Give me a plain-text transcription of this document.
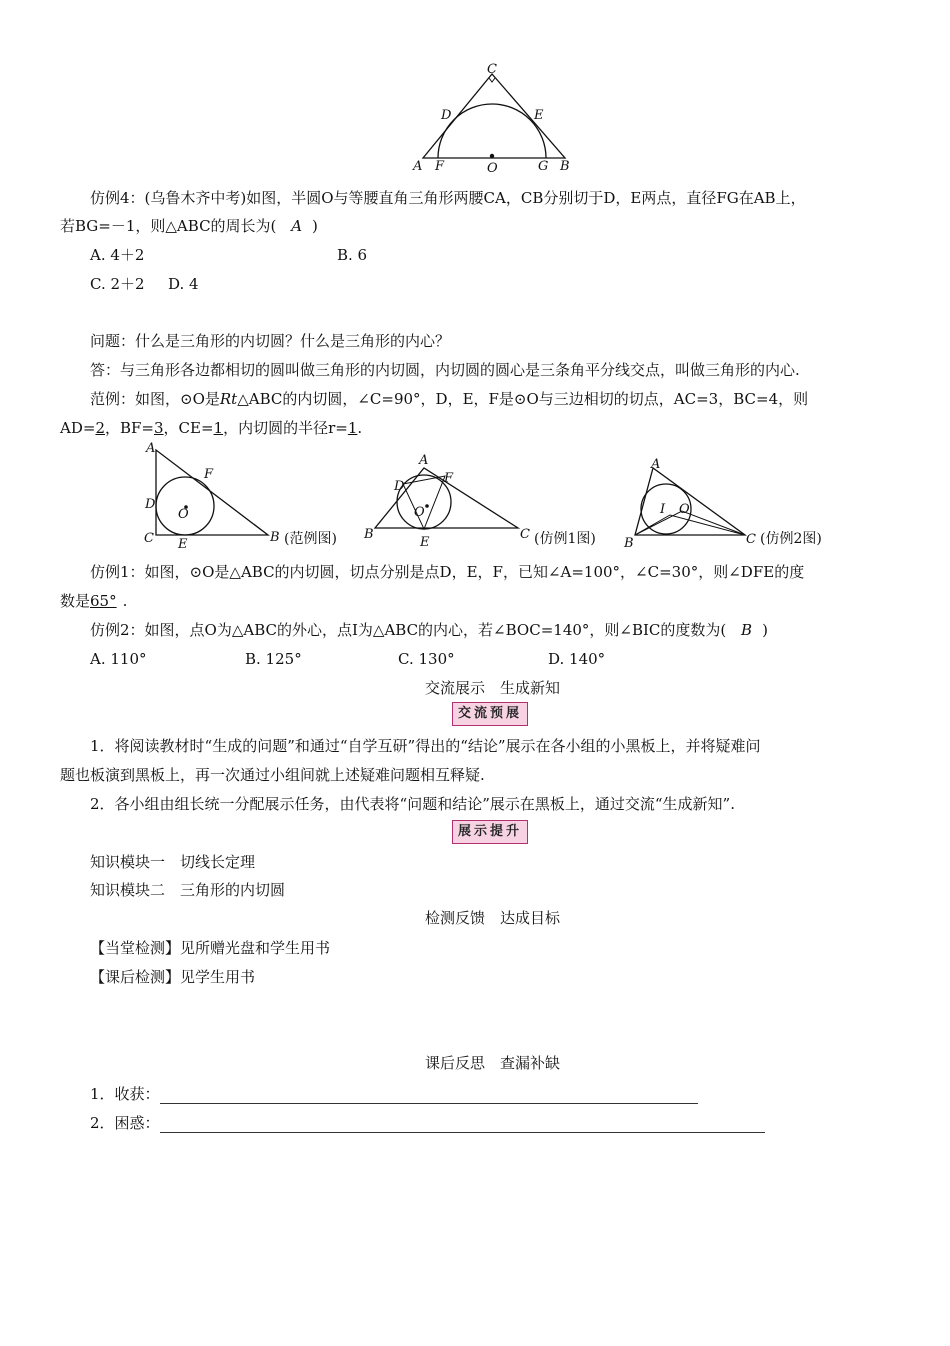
C
D	E
A F	O	G B
仿例4：(乌鲁木齐中考)如图，半圆O与等腰直角三角形两腰CA，CB分别切于D，E两点，直径FG在AB上，
若BG=－1，则△ABC的周长为( A )
A. 4＋2	B. 6
C. 2＋2 D. 4
问题：什么是三角形的内切圆？什么是三角形的内心？
答：与三角形各边都相切的圆叫做三角形的内切圆，内切圆的圆心是三条角平分线交点，叫做三角形的内心.
范例：如图，⊙O是Rt△ABC的内切圆，∠C=90°，D，E，F是⊙O与三边相切的切点，AC=3，BC=4，则
AD=2，BF=3，CE=1，内切圆的半径r=1.
A
F
D
O
C E	B (范例图)
A
D
F
O
B
E
C (仿例1图)
A
I O
B	C (仿例2图)
仿例1：如图，⊙O是△ABC的内切圆，切点分别是点D，E，F，已知∠A=100°，∠C=30°，则∠DFE的度
数是65° .
仿例2：如图，点O为△ABC的外心，点I为△ABC的内心，若∠BOC=140°，则∠BIC的度数为( B )
A. 110°	B. 125°	C. 130°	D. 140°
交流展示　生成新知
交流预展
1．将阅读教材时“生成的问题”和通过“自学互研”得出的“结论”展示在各小组的小黑板上，并将疑难问
题也板演到黑板上，再一次通过小组间就上述疑难问题相互释疑.
2．各小组由组长统一分配展示任务，由代表将“问题和结论”展示在黑板上，通过交流“生成新知”.
展示提升
知识模块一　切线长定理
知识模块二　三角形的内切圆
检测反馈　达成目标
【当堂检测】见所赠光盘和学生用书
【课后检测】见学生用书
课后反思　查漏补缺
1．收获：
2．困惑：
